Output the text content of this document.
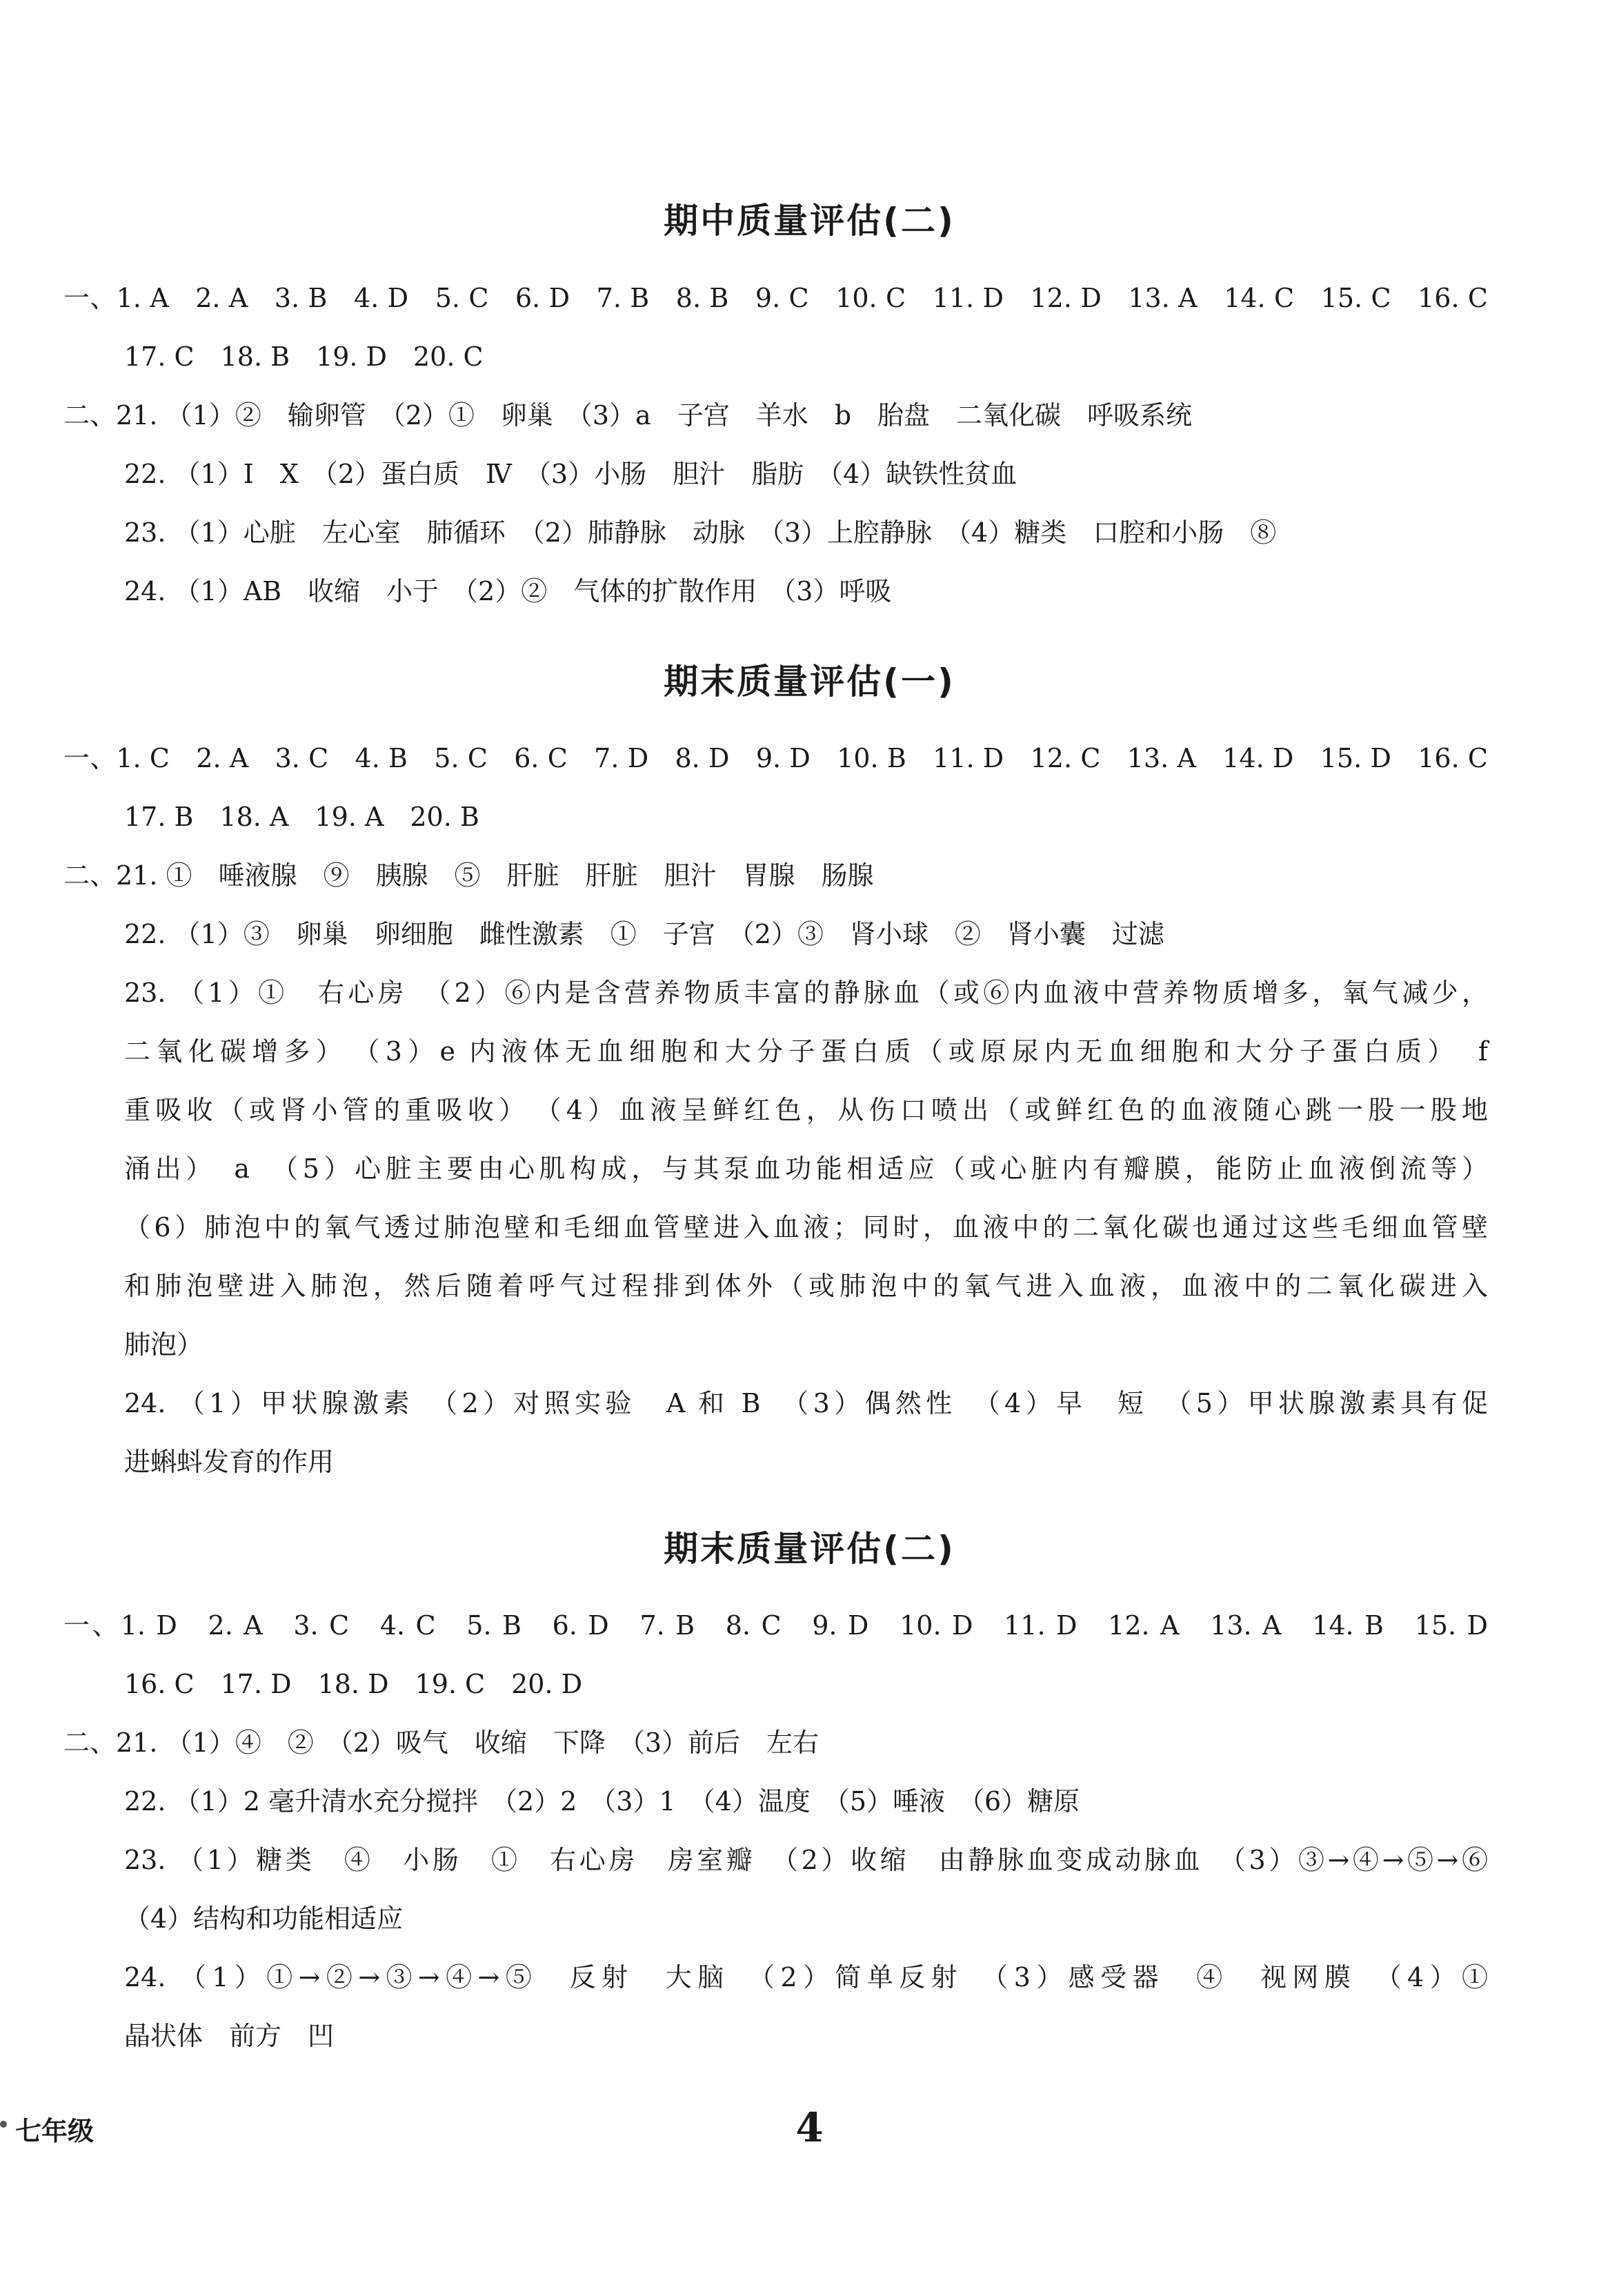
期中质量评估(二)
一、1. A　2. A　3. B　4. D　5. C　6. D　7. B　8. B　9. C　10. C　11. D　12. D　13. A　14. C　15. C　16. C
17. C　18. B　19. D　20. C
二、21. （1）②　输卵管　（2）①　卵巢　（3）a　子宫　羊水　b　胎盘　二氧化碳　呼吸系统
22. （1）Ⅰ　Ⅹ　（2）蛋白质　Ⅳ　（3）小肠　胆汁　脂肪　（4）缺铁性贫血
23. （1）心脏　左心室　肺循环　（2）肺静脉　动脉　（3）上腔静脉　（4）糖类　口腔和小肠　⑧
24. （1）AB　收缩　小于　（2）②　气体的扩散作用　（3）呼吸
期末质量评估(一)
一、1. C　2. A　3. C　4. B　5. C　6. C　7. D　8. D　9. D　10. B　11. D　12. C　13. A　14. D　15. D　16. C
17. B　18. A　19. A　20. B
二、21. ①　唾液腺　⑨　胰腺　⑤　肝脏　肝脏　胆汁　胃腺　肠腺
22. （1）③　卵巢　卵细胞　雌性激素　①　子宫　（2）③　肾小球　②　肾小囊　过滤
23. （1）①　右心房　（2）⑥内是含营养物质丰富的静脉血（或⑥内血液中营养物质增多，氧气减少，
二氧化碳增多）　（3）e 内液体无血细胞和大分子蛋白质（或原尿内无血细胞和大分子蛋白质）　f
重吸收（或肾小管的重吸收）　（4）血液呈鲜红色，从伤口喷出（或鲜红色的血液随心跳一股一股地
涌出）　a　（5）心脏主要由心肌构成，与其泵血功能相适应（或心脏内有瓣膜，能防止血液倒流等）
（6）肺泡中的氧气透过肺泡壁和毛细血管壁进入血液；同时，血液中的二氧化碳也通过这些毛细血管壁
和肺泡壁进入肺泡，然后随着呼气过程排到体外（或肺泡中的氧气进入血液，血液中的二氧化碳进入
肺泡）
24. （1）甲状腺激素　（2）对照实验　A 和 B　（3）偶然性　（4）早　短　（5）甲状腺激素具有促
进蝌蚪发育的作用
期末质量评估(二)
一、1. D　2. A　3. C　4. C　5. B　6. D　7. B　8. C　9. D　10. D　11. D　12. A　13. A　14. B　15. D
16. C　17. D　18. D　19. C　20. D
二、21. （1）④　②　（2）吸气　收缩　下降　（3）前后　左右
22. （1）2 毫升清水充分搅拌　（2）2　（3）1　（4）温度　（5）唾液　（6）糖原
23. （1）糖类　④　小肠　①　右心房　房室瓣　（2）收缩　由静脉血变成动脉血　（3）③→④→⑤→⑥
（4）结构和功能相适应
24. （1）①→②→③→④→⑤　反射　大脑　（2）简单反射　（3）感受器　④　视网膜　（4）①
晶状体　前方　凹
七年级	4
